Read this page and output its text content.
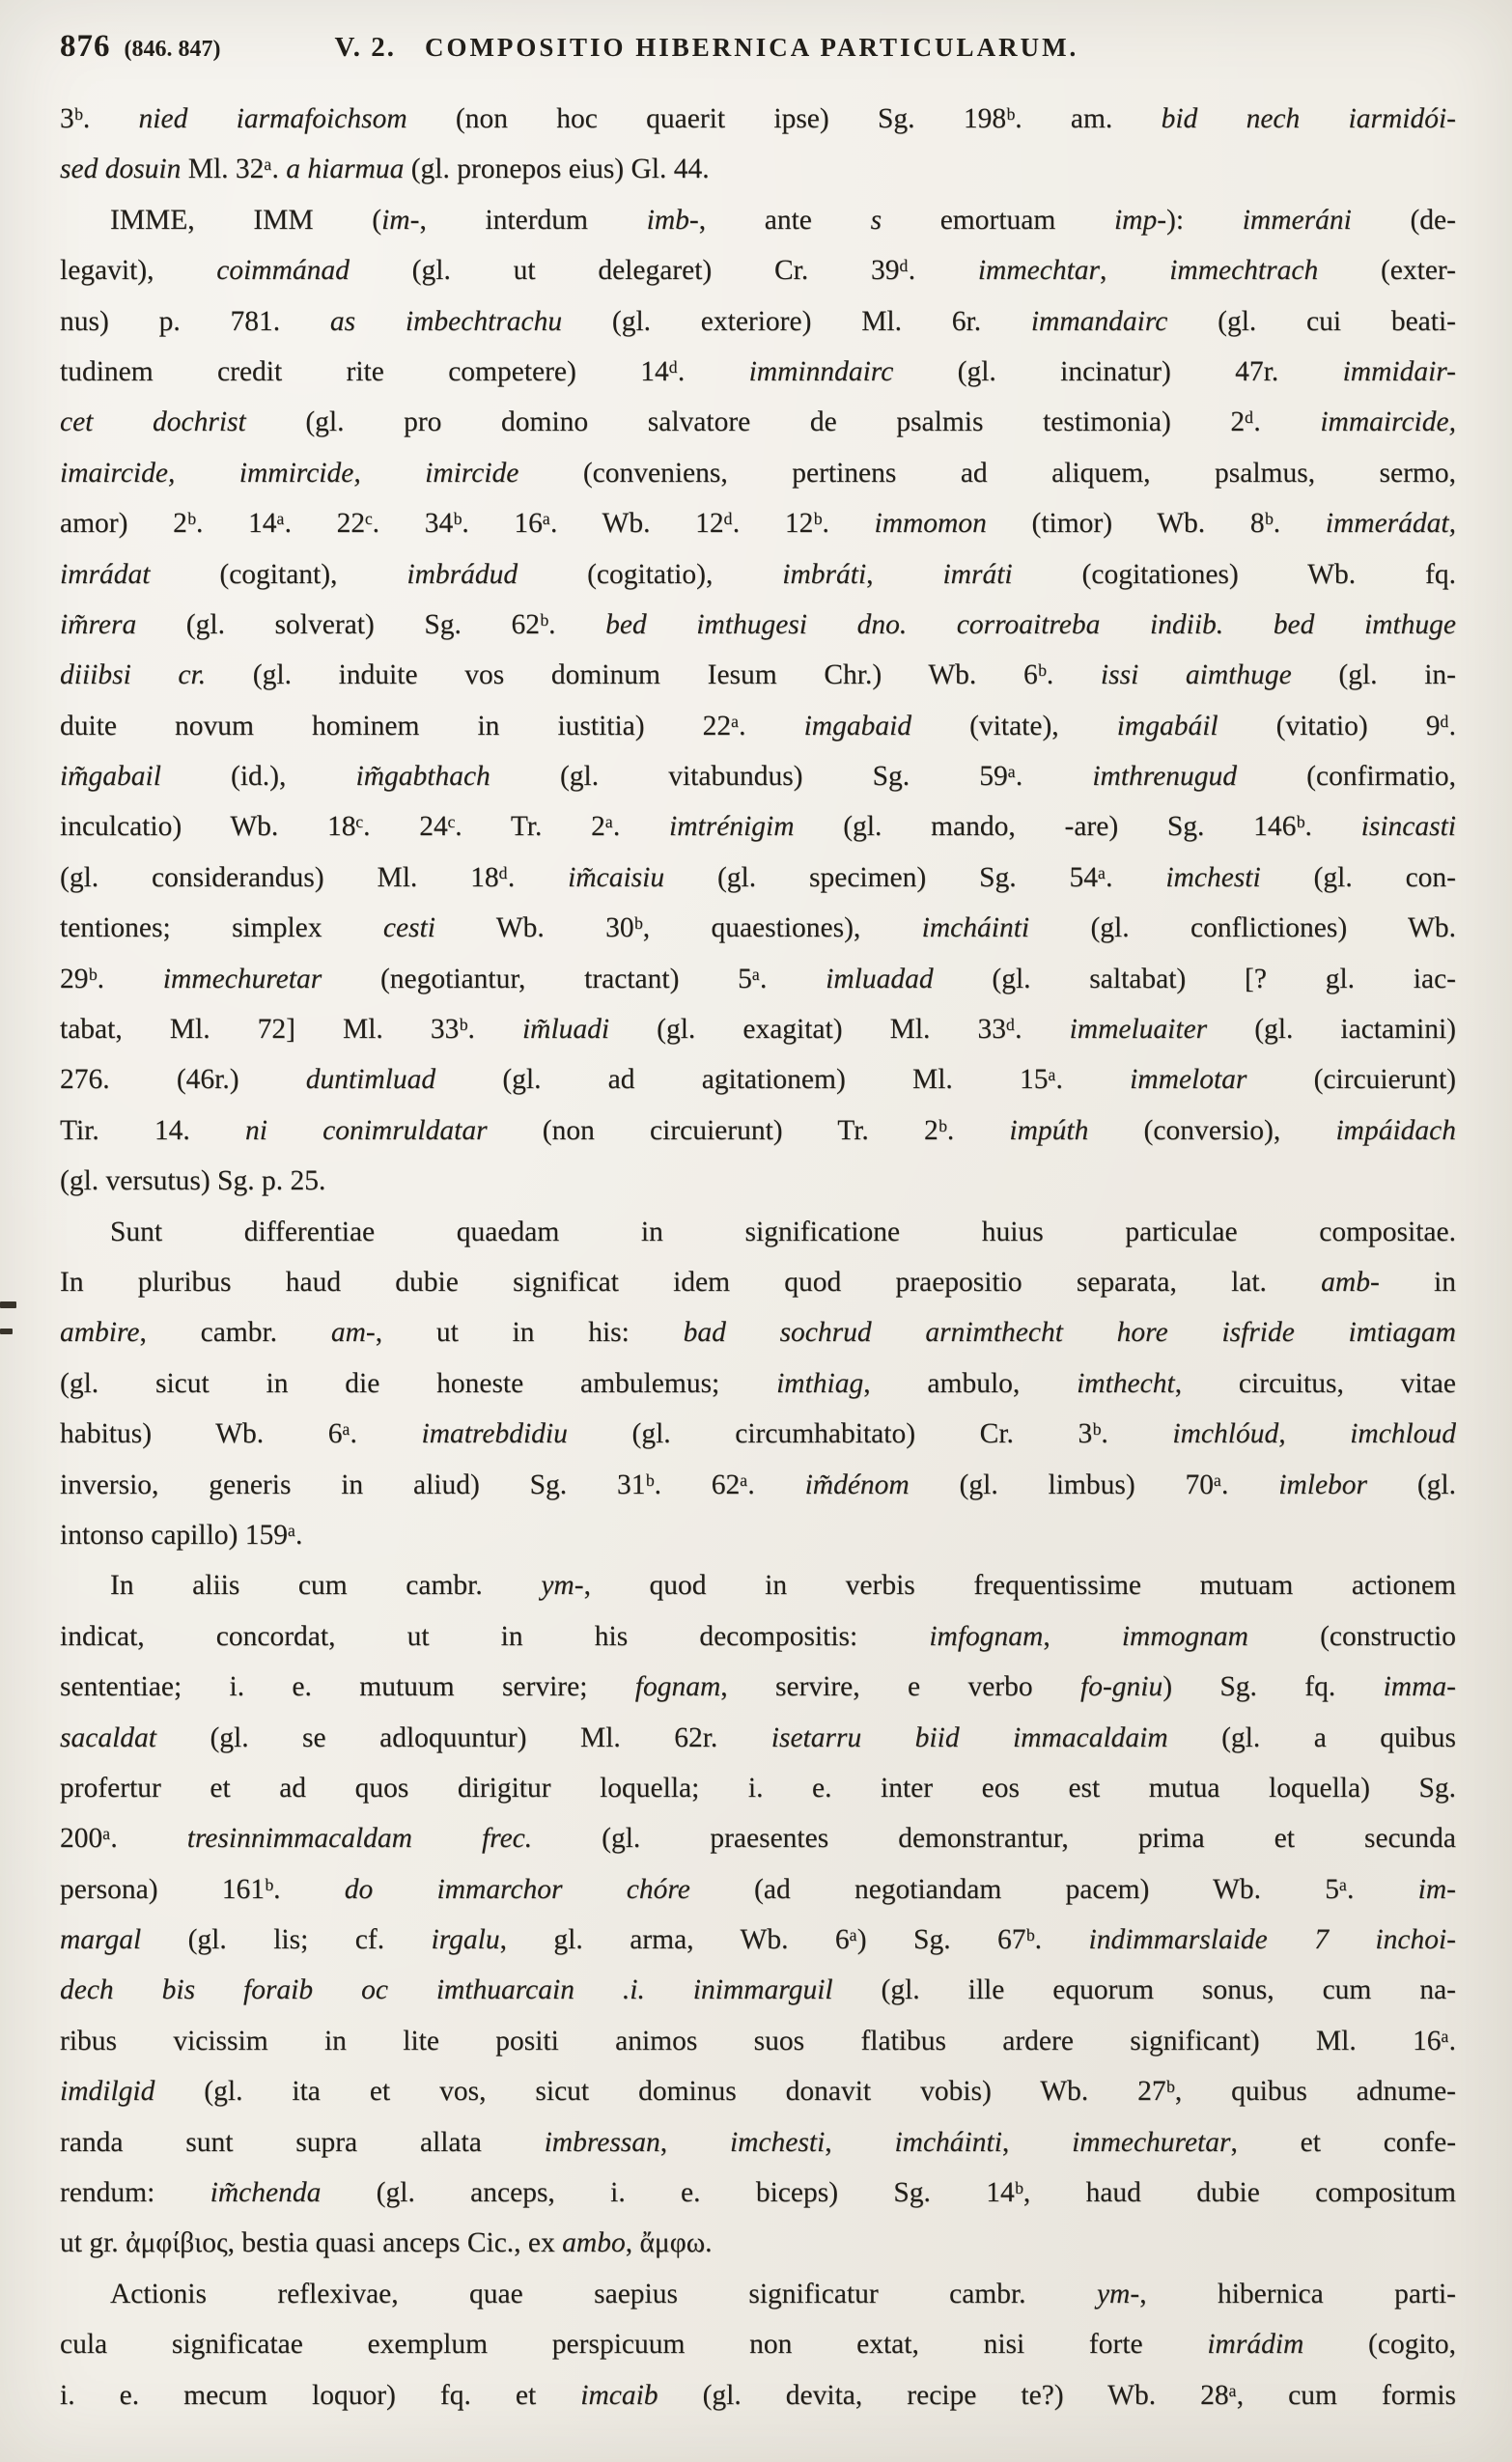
876 (846. 847)	V. 2. COMPOSITIO HIBERNICA PARTICULARUM.
3ᵇ. nied iarmafoichsom (non hoc quaerit ipse) Sg. 198ᵇ. am. bid nech iarmidói-
sed dosuin Ml. 32ᵃ. a hiarmua (gl. pronepos eius) Gl. 44.
IMME, IMM (im-, interdum imb-, ante s emortuam imp-): immeráni (de-
legavit), coimmánad (gl. ut delegaret) Cr. 39ᵈ. immechtar, immechtrach (exter-
nus) p. 781. as imbechtrachu (gl. exteriore) Ml. 6r. immandairc (gl. cui beati-
tudinem credit rite competere) 14ᵈ. imminndairc (gl. incinatur) 47r. immidair-
cet dochrist (gl. pro domino salvatore de psalmis testimonia) 2ᵈ. immaircide,
imaircide, immircide, imircide (conveniens, pertinens ad aliquem, psalmus, sermo,
amor) 2ᵇ. 14ᵃ. 22ᶜ. 34ᵇ. 16ᵃ. Wb. 12ᵈ. 12ᵇ. immomon (timor) Wb. 8ᵇ. immerádat,
imrádat (cogitant), imbrádud (cogitatio), imbráti, imráti (cogitationes) Wb. fq.
im̃rera (gl. solverat) Sg. 62ᵇ. bed imthugesi dno. corroaitreba indiib. bed imthuge
diiibsi cr. (gl. induite vos dominum Iesum Chr.) Wb. 6ᵇ. issi aimthuge (gl. in-
duite novum hominem in iustitia) 22ᵃ. imgabaid (vitate), imgabáil (vitatio) 9ᵈ.
im̃gabail (id.), im̃gabthach (gl. vitabundus) Sg. 59ᵃ. imthrenugud (confirmatio,
inculcatio) Wb. 18ᶜ. 24ᶜ. Tr. 2ᵃ. imtrénigim (gl. mando, -are) Sg. 146ᵇ. isincasti
(gl. considerandus) Ml. 18ᵈ. im̃caisiu (gl. specimen) Sg. 54ᵃ. imchesti (gl. con-
tentiones; simplex cesti Wb. 30ᵇ, quaestiones), imcháinti (gl. conflictiones) Wb.
29ᵇ. immechuretar (negotiantur, tractant) 5ᵃ. imluadad (gl. saltabat) [? gl. iac-
tabat, Ml. 72] Ml. 33ᵇ. im̃luadi (gl. exagitat) Ml. 33ᵈ. immeluaiter (gl. iactamini)
276. (46r.) duntimluad (gl. ad agitationem) Ml. 15ᵃ. immelotar (circuierunt)
Tir. 14. ni conimruldatar (non circuierunt) Tr. 2ᵇ. impúth (conversio), impáidach
(gl. versutus) Sg. p. 25.
Sunt differentiae quaedam in significatione huius particulae compositae.
In pluribus haud dubie significat idem quod praepositio separata, lat. amb- in
ambire, cambr. am-, ut in his: bad sochrud arnimthecht hore isfride imtiagam
(gl. sicut in die honeste ambulemus; imthiag, ambulo, imthecht, circuitus, vitae
habitus) Wb. 6ᵃ. imatrebdidiu (gl. circumhabitato) Cr. 3ᵇ. imchlóud, imchloud
inversio, generis in aliud) Sg. 31ᵇ. 62ᵃ. im̃dénom (gl. limbus) 70ᵃ. imlebor (gl.
intonso capillo) 159ᵃ.
In aliis cum cambr. ym-, quod in verbis frequentissime mutuam actionem
indicat, concordat, ut in his decompositis: imfognam, immognam (constructio
sententiae; i. e. mutuum servire; fognam, servire, e verbo fo-gniu) Sg. fq. imma-
sacaldat (gl. se adloquuntur) Ml. 62r. isetarru biid immacaldaim (gl. a quibus
profertur et ad quos dirigitur loquella; i. e. inter eos est mutua loquella) Sg.
200ᵃ. tresinnimmacaldam frec. (gl. praesentes demonstrantur, prima et secunda
persona) 161ᵇ. do immarchor chóre (ad negotiandam pacem) Wb. 5ᵃ. im-
margal (gl. lis; cf. irgalu, gl. arma, Wb. 6ᵃ) Sg. 67ᵇ. indimmarslaide 7 inchoi-
dech bis foraib oc imthuarcain .i. inimmarguil (gl. ille equorum sonus, cum na-
ribus vicissim in lite positi animos suos flatibus ardere significant) Ml. 16ᵃ.
imdilgid (gl. ita et vos, sicut dominus donavit vobis) Wb. 27ᵇ, quibus adnume-
randa sunt supra allata imbressan, imchesti, imcháinti, immechuretar, et confe-
rendum: im̃chenda (gl. anceps, i. e. biceps) Sg. 14ᵇ, haud dubie compositum
ut gr. ἀμφίβιος, bestia quasi anceps Cic., ex ambo, ἄμφω.
Actionis reflexivae, quae saepius significatur cambr. ym-, hibernica parti-
cula significatae exemplum perspicuum non extat, nisi forte imrádim (cogito,
i. e. mecum loquor) fq. et imcaib (gl. devita, recipe te?) Wb. 28ᵃ, cum formis
